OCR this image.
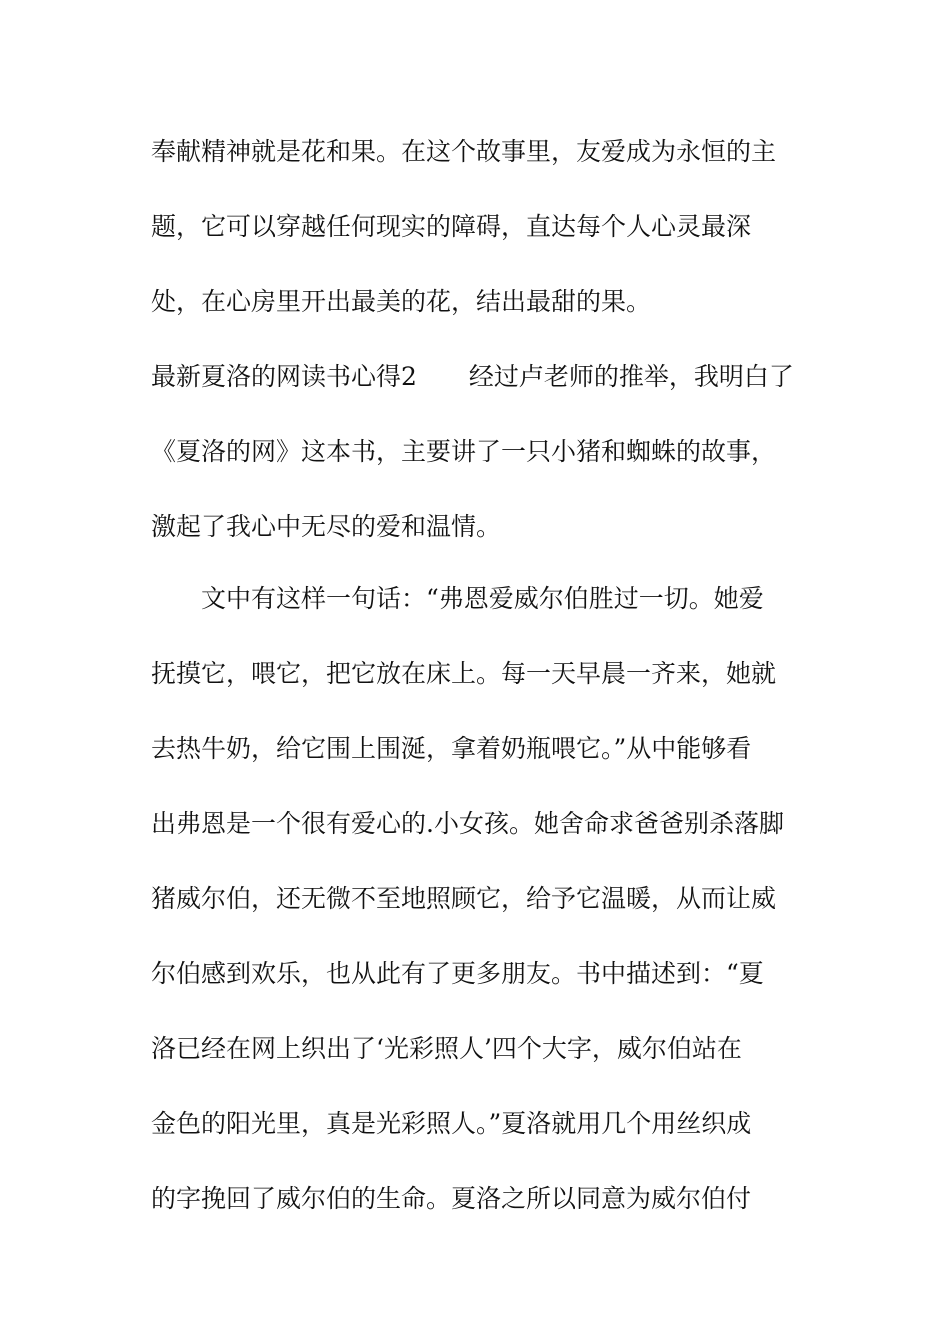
奉献精神就是花和果。在这个故事里，友爱成为永恒的主
题，它可以穿越任何现实的障碍，直达每个人心灵最深
处，在心房里开出最美的花，结出最甜的果。
最新夏洛的网读书心得2 经过卢老师的推举，我明白了
《夏洛的网》这本书，主要讲了一只小猪和蜘蛛的故事，
激起了我心中无尽的爱和温情。
文中有这样一句话：“弗恩爱威尔伯胜过一切。她爱
抚摸它，喂它，把它放在床上。每一天早晨一齐来，她就
去热牛奶，给它围上围涎，拿着奶瓶喂它。”从中能够看
出弗恩是一个很有爱心的.小女孩。她舍命求爸爸别杀落脚
猪威尔伯，还无微不至地照顾它，给予它温暖，从而让威
尔伯感到欢乐，也从此有了更多朋友。书中描述到：“夏
洛已经在网上织出了‘光彩照人’四个大字，威尔伯站在
金色的阳光里，真是光彩照人。”夏洛就用几个用丝织成
的字挽回了威尔伯的生命。夏洛之所以同意为威尔伯付
